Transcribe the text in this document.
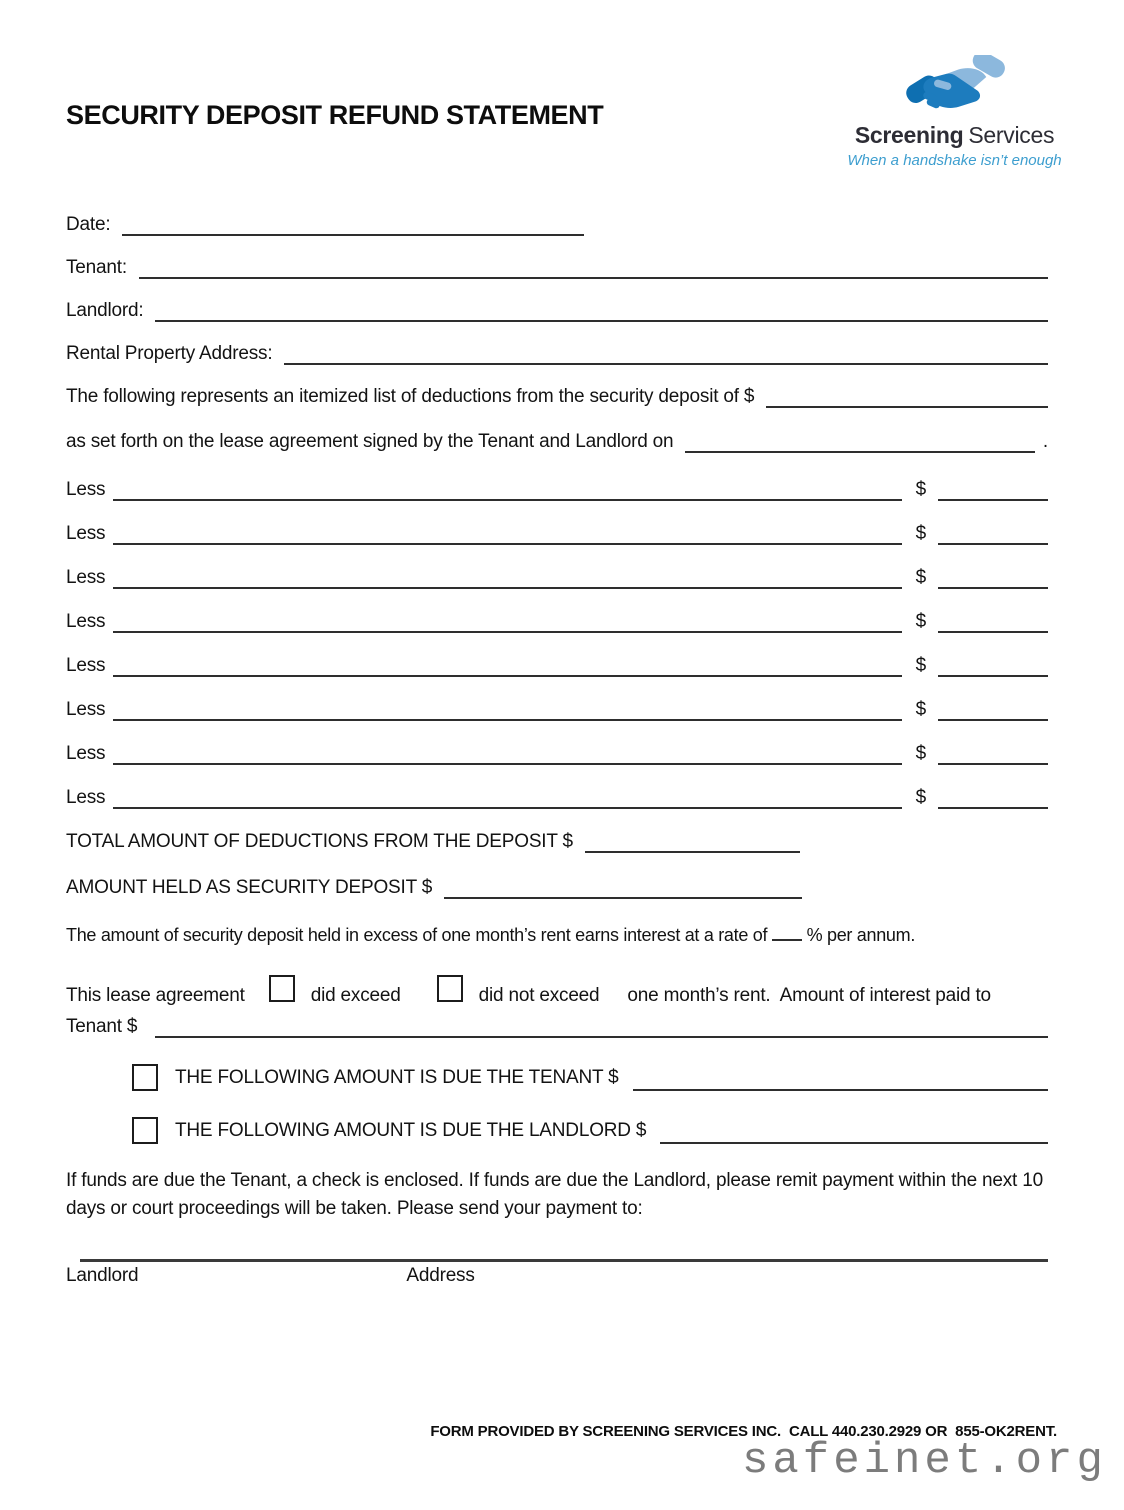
SECURITY DEPOSIT REFUND STATEMENT
Screening Services
When a handshake isn’t enough
Date:
Tenant:
Landlord:
Rental Property Address:
The following represents an itemized list of deductions from the security deposit of $
as set forth on the lease agreement signed by the Tenant and Landlord on	.
Less	$
Less	$
Less	$
Less	$
Less	$
Less	$
Less	$
Less	$
TOTAL AMOUNT OF DEDUCTIONS FROM THE DEPOSIT $
AMOUNT HELD AS SECURITY DEPOSIT $
The amount of security deposit held in excess of one month’s rent earns interest at a rate of % per annum.
This lease agreement	did exceed	did not exceed one month’s rent.  Amount of interest paid to
Tenant $
THE FOLLOWING AMOUNT IS DUE THE TENANT $
THE FOLLOWING AMOUNT IS DUE THE LANDLORD $

If funds are due the Tenant, a check is enclosed. If funds are due the Landlord, please remit payment within the next 10 days or court proceedings will be taken. Please send your payment to:

Landlord	Address
FORM PROVIDED BY SCREENING SERVICES INC.  CALL 440.230.2929 OR  855-OK2RENT.
safeinet.org
